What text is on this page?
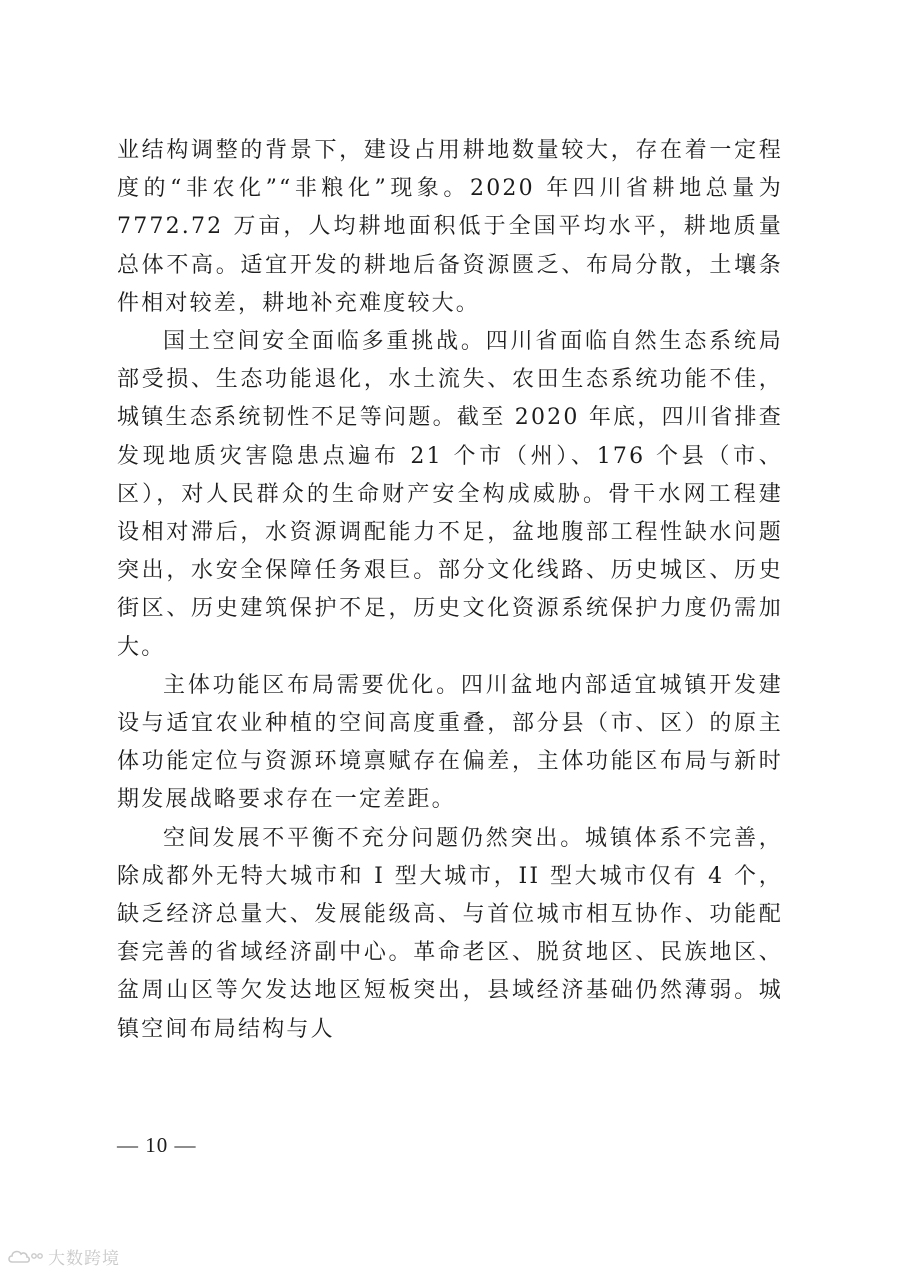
业结构调整的背景下，建设占用耕地数量较大，存在着一定程度的“非农化”“非粮化”现象。2020 年四川省耕地总量为 7772.72 万亩，人均耕地面积低于全国平均水平，耕地质量总体不高。适宜开发的耕地后备资源匮乏、布局分散，土壤条件相对较差，耕地补充难度较大。

国土空间安全面临多重挑战。四川省面临自然生态系统局部受损、生态功能退化，水土流失、农田生态系统功能不佳，城镇生态系统韧性不足等问题。截至 2020 年底，四川省排查发现地质灾害隐患点遍布 21 个市（州）、176 个县（市、区），对人民群众的生命财产安全构成威胁。骨干水网工程建设相对滞后，水资源调配能力不足，盆地腹部工程性缺水问题突出，水安全保障任务艰巨。部分文化线路、历史城区、历史街区、历史建筑保护不足，历史文化资源系统保护力度仍需加大。

主体功能区布局需要优化。四川盆地内部适宜城镇开发建设与适宜农业种植的空间高度重叠，部分县（市、区）的原主体功能定位与资源环境禀赋存在偏差，主体功能区布局与新时期发展战略要求存在一定差距。

空间发展不平衡不充分问题仍然突出。城镇体系不完善，除成都外无特大城市和 I 型大城市，II 型大城市仅有 4 个，缺乏经济总量大、发展能级高、与首位城市相互协作、功能配套完善的省域经济副中心。革命老区、脱贫地区、民族地区、盆周山区等欠发达地区短板突出，县域经济基础仍然薄弱。城镇空间布局结构与人

— 10 —
大数跨境
